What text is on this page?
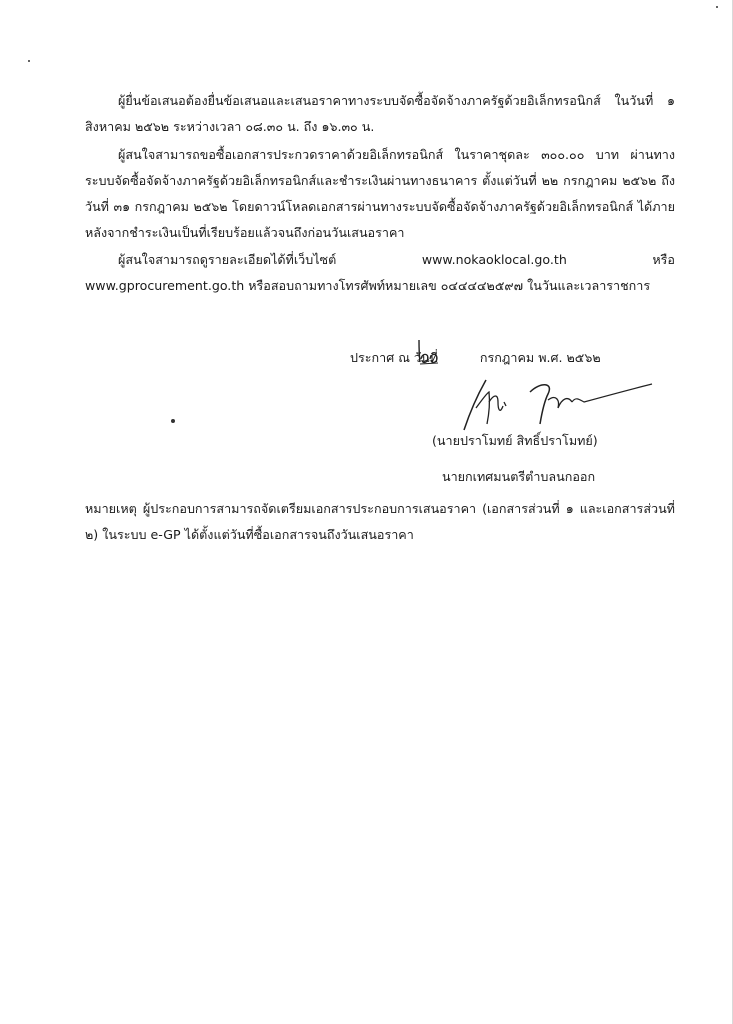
ผู้ยื่นข้อเสนอต้องยื่นข้อเสนอและเสนอราคาทางระบบจัดซื้อจัดจ้างภาครัฐด้วยอิเล็กทรอนิกส์ ในวันที่ ๑ สิงหาคม ๒๕๖๒ ระหว่างเวลา ๐๘.๓๐ น. ถึง ๑๖.๓๐ น.

ผู้สนใจสามารถขอซื้อเอกสารประกวดราคาด้วยอิเล็กทรอนิกส์ ในราคาชุดละ ๓๐๐.๐๐ บาท ผ่านทางระบบจัดซื้อจัดจ้างภาครัฐด้วยอิเล็กทรอนิกส์และชำระเงินผ่านทางธนาคาร ตั้งแต่วันที่ ๒๒ กรกฎาคม ๒๕๖๒ ถึงวันที่ ๓๑ กรกฎาคม ๒๕๖๒ โดยดาวน์โหลดเอกสารผ่านทางระบบจัดซื้อจัดจ้างภาครัฐด้วยอิเล็กทรอนิกส์ ได้ภายหลังจากชำระเงินเป็นที่เรียบร้อยแล้วจนถึงก่อนวันเสนอราคา

ผู้สนใจสามารถดูรายละเอียดได้ที่เว็บไซต์ www.nokaoklocal.go.th หรือ www.gprocurement.go.th หรือสอบถามทางโทรศัพท์หมายเลข ๐๔๔๔๔๒๕๙๗ ในวันและเวลาราชการ

ประกาศ ณ วันที่	กรกฎาคม พ.ศ. ๒๕๖๒
(นายปราโมทย์ สิทธิ์ปราโมทย์)
นายกเทศมนตรีตำบลนกออก

หมายเหตุ ผู้ประกอบการสามารถจัดเตรียมเอกสารประกอบการเสนอราคา (เอกสารส่วนที่ ๑ และเอกสารส่วนที่ ๒) ในระบบ e-GP ได้ตั้งแต่วันที่ซื้อเอกสารจนถึงวันเสนอราคา
